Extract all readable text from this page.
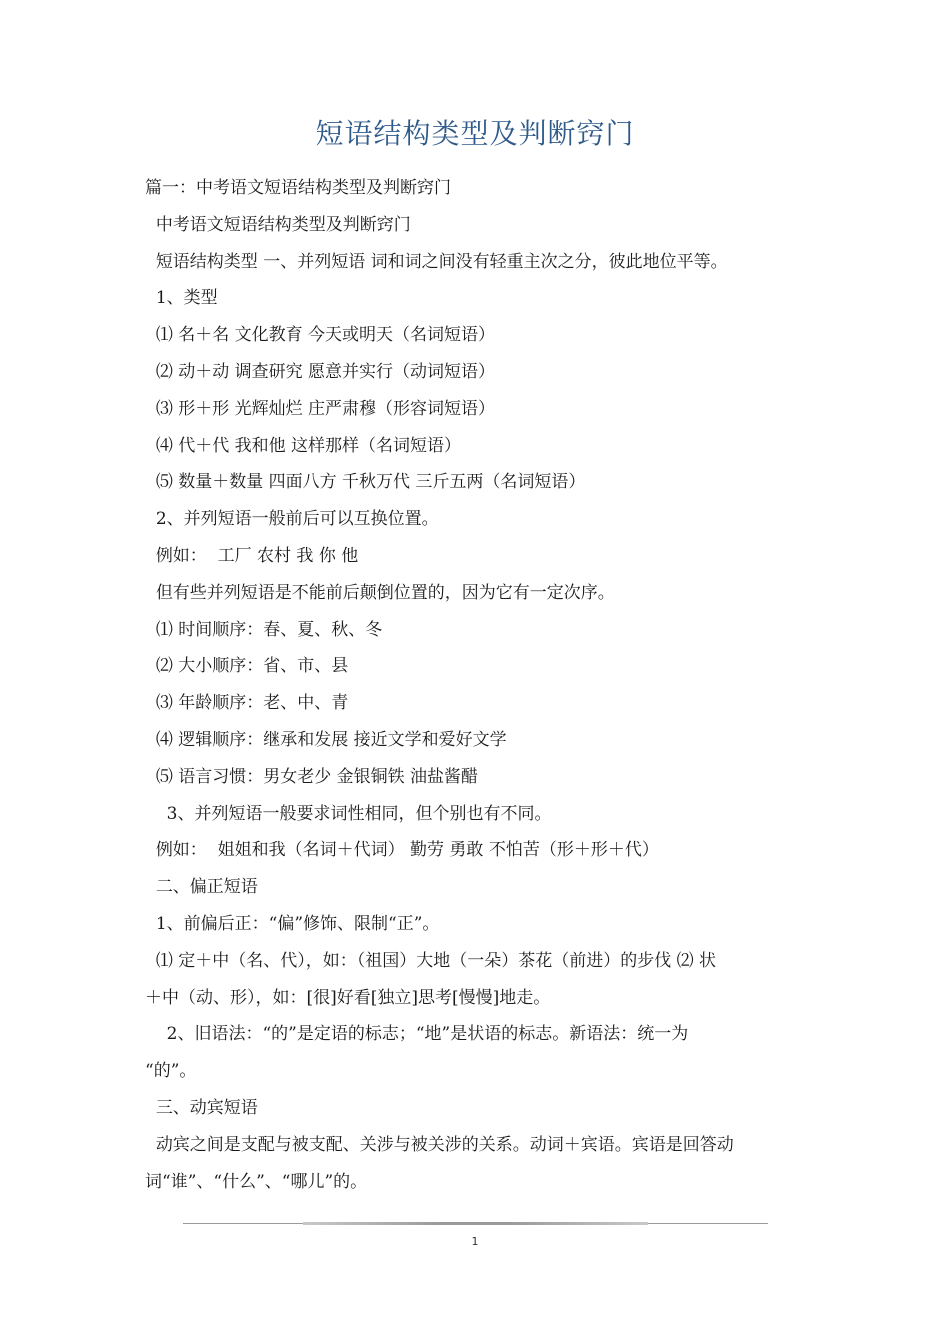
短语结构类型及判断窍门
篇一：中考语文短语结构类型及判断窍门
中考语文短语结构类型及判断窍门
短语结构类型 一、并列短语 词和词之间没有轻重主次之分，彼此地位平等。
1、类型
⑴ 名＋名 文化教育 今天或明天（名词短语）
⑵ 动＋动 调查研究 愿意并实行（动词短语）
⑶ 形＋形 光辉灿烂 庄严肃穆（形容词短语）
⑷ 代＋代 我和他 这样那样（名词短语）
⑸ 数量＋数量 四面八方 千秋万代 三斤五两（名词短语）
2、并列短语一般前后可以互换位置。
例如：  工厂 农村 我 你 他
但有些并列短语是不能前后颠倒位置的，因为它有一定次序。
⑴ 时间顺序：春、夏、秋、冬
⑵ 大小顺序：省、市、县
⑶ 年龄顺序：老、中、青
⑷ 逻辑顺序：继承和发展 接近文学和爱好文学
⑸ 语言习惯：男女老少 金银铜铁 油盐酱醋
3、并列短语一般要求词性相同，但个别也有不同。
例如：  姐姐和我（名词＋代词） 勤劳 勇敢 不怕苦（形＋形＋代）
二、偏正短语
1、前偏后正：“偏”修饰、限制“正”。
⑴ 定＋中（名、代），如：（祖国）大地（一朵）茶花（前进）的步伐 ⑵ 状
＋中（动、形），如：[很]好看[独立]思考[慢慢]地走。
2、旧语法：“的”是定语的标志；“地”是状语的标志。新语法：统一为
“的”。
三、动宾短语
动宾之间是支配与被支配、关涉与被关涉的关系。动词＋宾语。宾语是回答动
词“谁”、“什么”、“哪儿”的。
1
